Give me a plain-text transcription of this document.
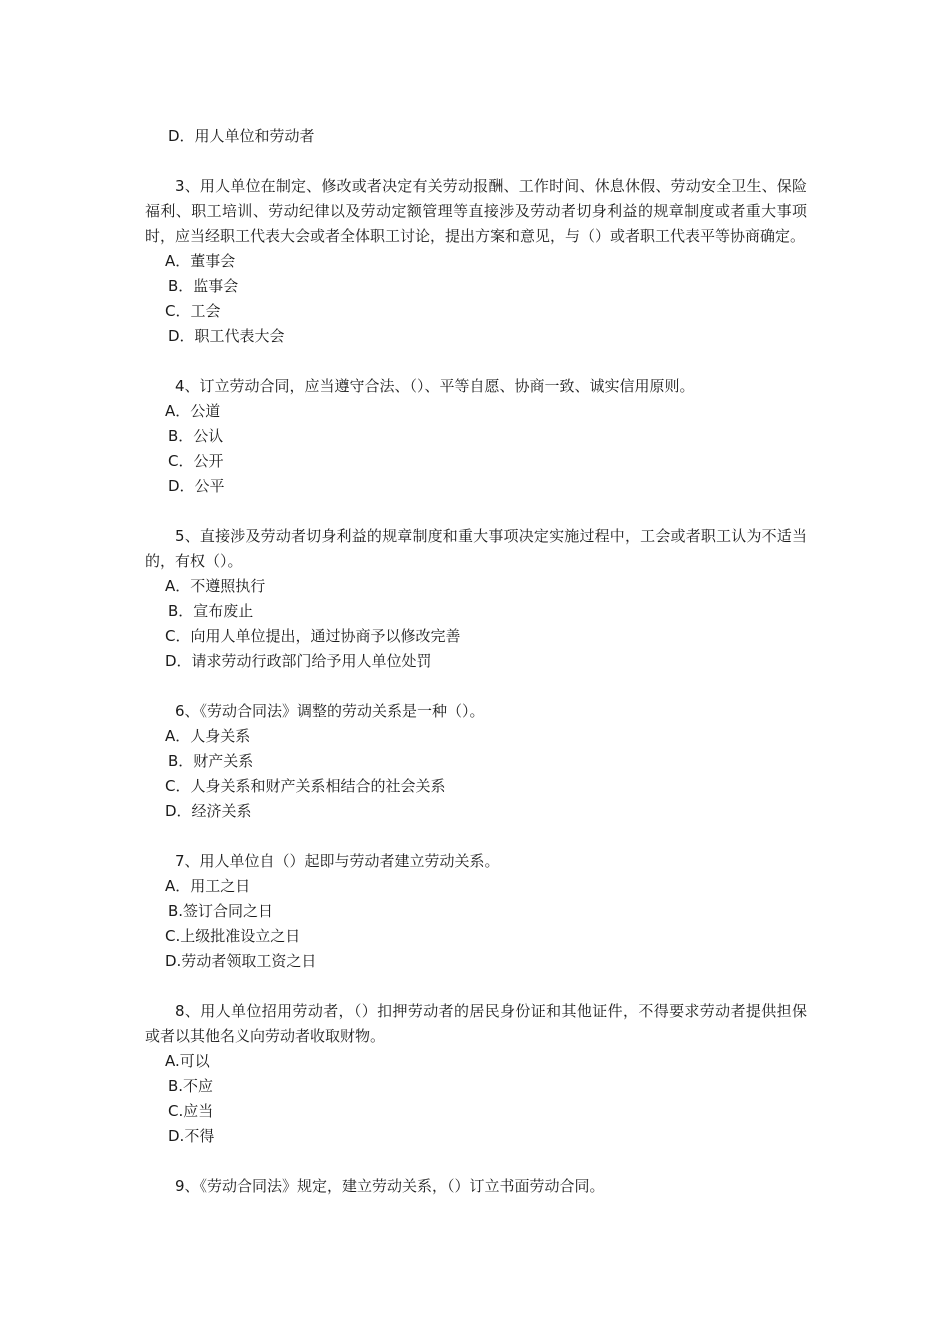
D．用人单位和劳动者

3、用人单位在制定、修改或者决定有关劳动报酬、工作时间、休息休假、劳动安全卫生、保险福利、职工培训、劳动纪律以及劳动定额管理等直接涉及劳动者切身利益的规章制度或者重大事项时，应当经职工代表大会或者全体职工讨论，提出方案和意见，与（）或者职工代表平等协商确定。

A．董事会
B．监事会
C．工会
D．职工代表大会

4、订立劳动合同，应当遵守合法、（）、平等自愿、协商一致、诚实信用原则。

A．公道
B．公认
C．公开
D．公平

5、直接涉及劳动者切身利益的规章制度和重大事项决定实施过程中，工会或者职工认为不适当的，有权（）。

A．不遵照执行
B．宣布废止
C．向用人单位提出，通过协商予以修改完善
D．请求劳动行政部门给予用人单位处罚

6、《劳动合同法》调整的劳动关系是一种（）。

A．人身关系
B．财产关系
C．人身关系和财产关系相结合的社会关系
D．经济关系

7、用人单位自（）起即与劳动者建立劳动关系。

A．用工之日
B.签订合同之日
C.上级批准设立之日
D.劳动者领取工资之日

8、用人单位招用劳动者，（）扣押劳动者的居民身份证和其他证件，不得要求劳动者提供担保或者以其他名义向劳动者收取财物。

A.可以
B.不应
C.应当
D.不得

9、《劳动合同法》规定，建立劳动关系，（）订立书面劳动合同。
